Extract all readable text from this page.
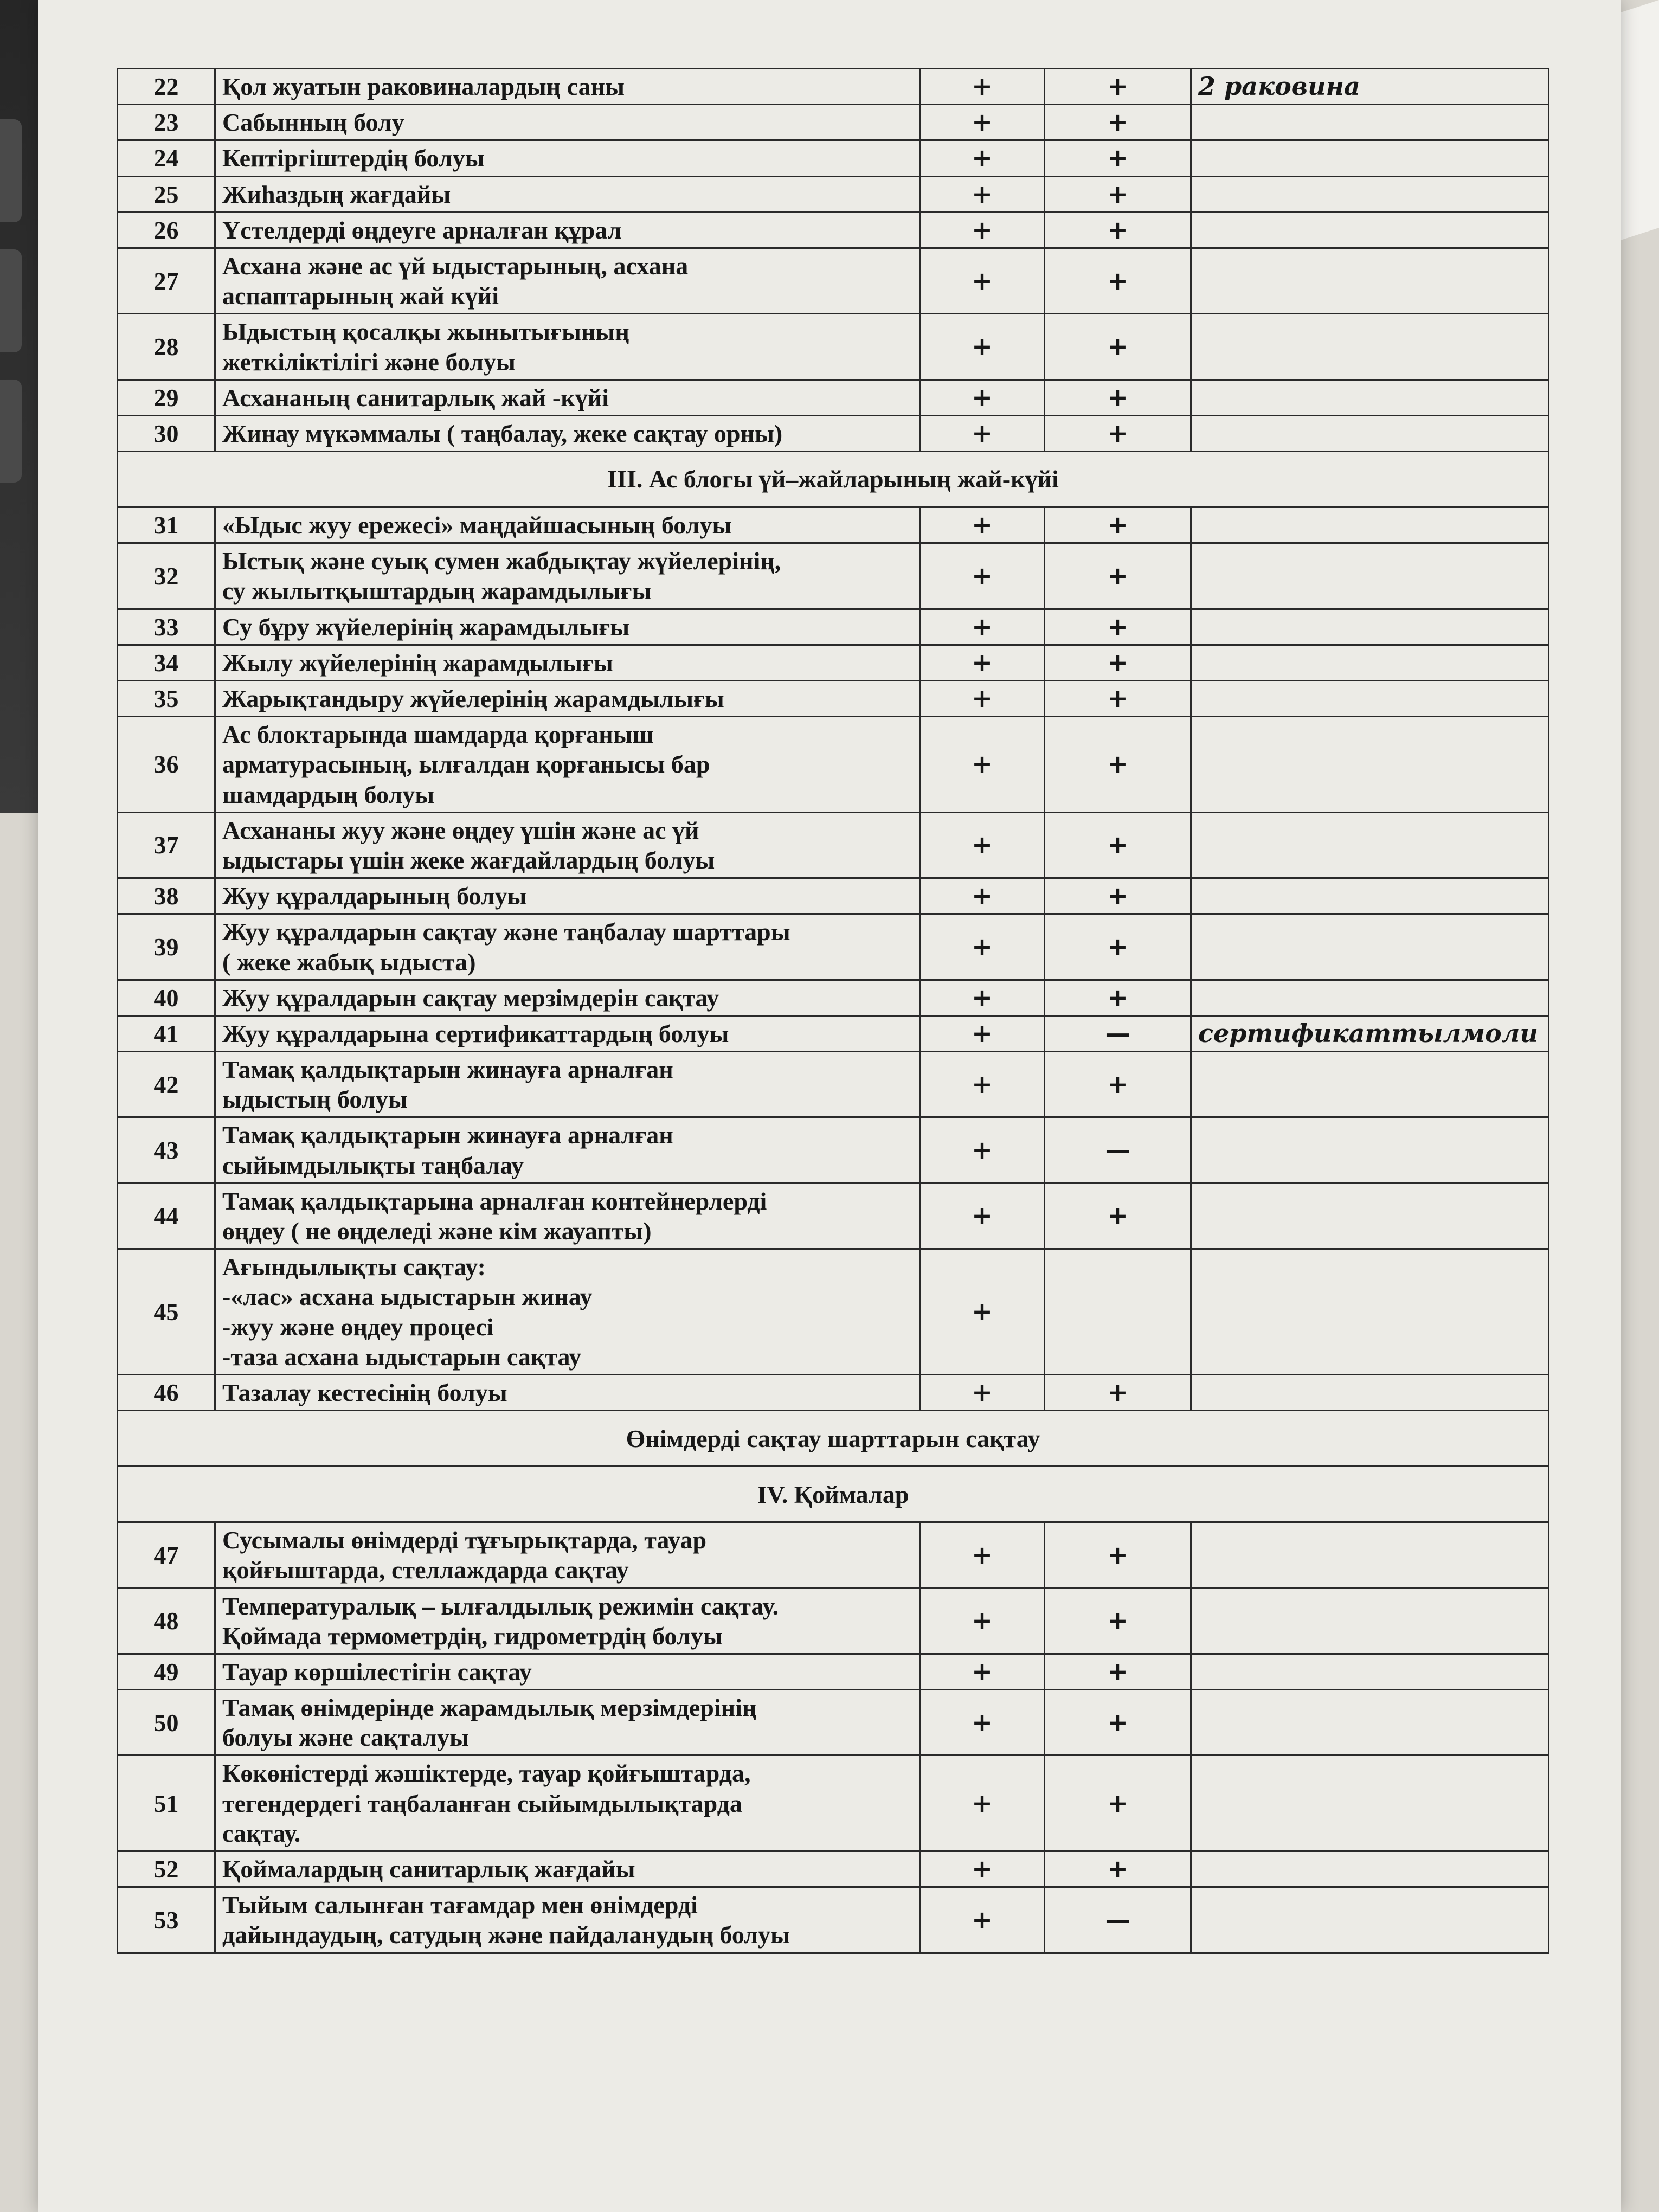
22	Қол жуатын раковиналардың саны	+	+	2 раковина
23	Сабынның болу	+	+	
24	Кептіргіштердің болуы	+	+	
25	Жиһаздың жағдайы	+	+	
26	Үстелдерді өңдеуге арналған құрал	+	+	
27	Асхана және ас үй ыдыстарының, асхана
аспаптарының жай күйі	+	+	
28	Ыдыстың қосалқы жынытығының
жеткіліктілігі және болуы	+	+	
29	Асхананың санитарлық жай -күйі	+	+	
30	Жинау мүкәммалы ( таңбалау, жеке сақтау орны)	+	+	
III. Ас блогы үй–жайларының жай-күйі				
31	«Ыдыс жуу ережесі» маңдайшасының болуы	+	+	
32	Ыстық және суық сумен жабдықтау жүйелерінің,
су жылытқыштардың жарамдылығы	+	+	
33	Су бұру жүйелерінің жарамдылығы	+	+	
34	Жылу жүйелерінің жарамдылығы	+	+	
35	Жарықтандыру жүйелерінің жарамдылығы	+	+	
36	Ас блоктарында шамдарда қорғаныш
арматурасының, ылғалдан қорғанысы бар
шамдардың болуы	+	+	
37	Асхананы жуу және өңдеу үшін және ас үй
ыдыстары үшін жеке жағдайлардың болуы	+	+	
38	Жуу құралдарының болуы	+	+	
39	Жуу құралдарын сақтау және таңбалау шарттары
( жеке жабық ыдыста)	+	+	
40	Жуу құралдарын сақтау мерзімдерін сақтау	+	+	
41	Жуу құралдарына сертификаттардың болуы	+	—	сертификаттылмоли
42	Тамақ қалдықтарын жинауға арналған
ыдыстың болуы	+	+	
43	Тамақ қалдықтарын жинауға арналған
сыйымдылықты таңбалау	+	—	
44	Тамақ қалдықтарына арналған контейнерлерді
өңдеу ( не өңделеді және кім жауапты)	+	+	
45	Ағындылықты сақтау:
-«лас» асхана ыдыстарын жинау
-жуу және өңдеу процесі
-таза асхана ыдыстарын сақтау	+		
46	Тазалау кестесінің болуы	+	+	
Өнімдерді сақтау шарттарын сақтау				
IV. Қоймалар				
47	Сусымалы өнімдерді тұғырықтарда, тауар
қойғыштарда, стеллаждарда сақтау	+	+	
48	Температуралық – ылғалдылық режимін сақтау.
Қоймада термометрдің, гидрометрдің болуы	+	+	
49	Тауар көршілестігін сақтау	+	+	
50	Тамақ өнімдерінде жарамдылық мерзімдерінің
болуы және сақталуы	+	+	
51	Көкөністерді жәшіктерде, тауар қойғыштарда,
тегендердегі таңбаланған сыйымдылықтарда
сақтау.	+	+	
52	Қоймалардың санитарлық жағдайы	+	+	
53	Тыйым салынған тағамдар мен өнімдерді
дайындаудың, сатудың және пайдаланудың болуы	+	—	
